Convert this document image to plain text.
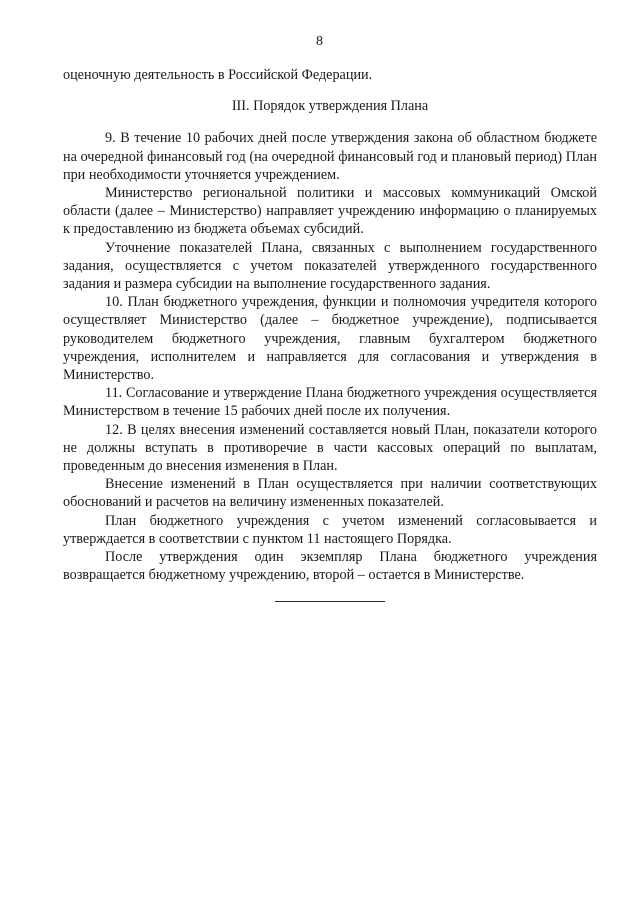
8

оценочную деятельность в Российской Федерации.

III. Порядок утверждения Плана

9. В течение 10 рабочих дней после утверждения закона об областном бюджете на очередной финансовый год (на очередной финансовый год и плановый период) План при необходимости уточняется учреждением.

Министерство региональной политики и массовых коммуникаций Омской области (далее – Министерство) направляет учреждению информацию о планируемых к предоставлению из бюджета объемах субсидий.

Уточнение показателей Плана, связанных с выполнением государственного задания, осуществляется с учетом показателей утвержденного государственного задания и размера субсидии на выполнение государственного задания.

10. План бюджетного учреждения, функции и полномочия учредителя которого осуществляет Министерство (далее – бюджетное учреждение), подписывается руководителем бюджетного учреждения, главным бухгалтером бюджетного учреждения, исполнителем и направляется для согласования и утверждения в Министерство.

11. Согласование и утверждение Плана бюджетного учреждения осуществляется Министерством в течение 15 рабочих дней после их получения.

12. В целях внесения изменений составляется новый План, показатели которого не должны вступать в противоречие в части кассовых операций по выплатам, проведенным до внесения изменения в План.

Внесение изменений в План осуществляется при наличии соответствующих обоснований и расчетов на величину измененных показателей.

План бюджетного учреждения с учетом изменений согласовывается и утверждается в соответствии с пунктом 11 настоящего Порядка.

После утверждения один экземпляр Плана бюджетного учреждения возвращается бюджетному учреждению, второй – остается в Министерстве.
